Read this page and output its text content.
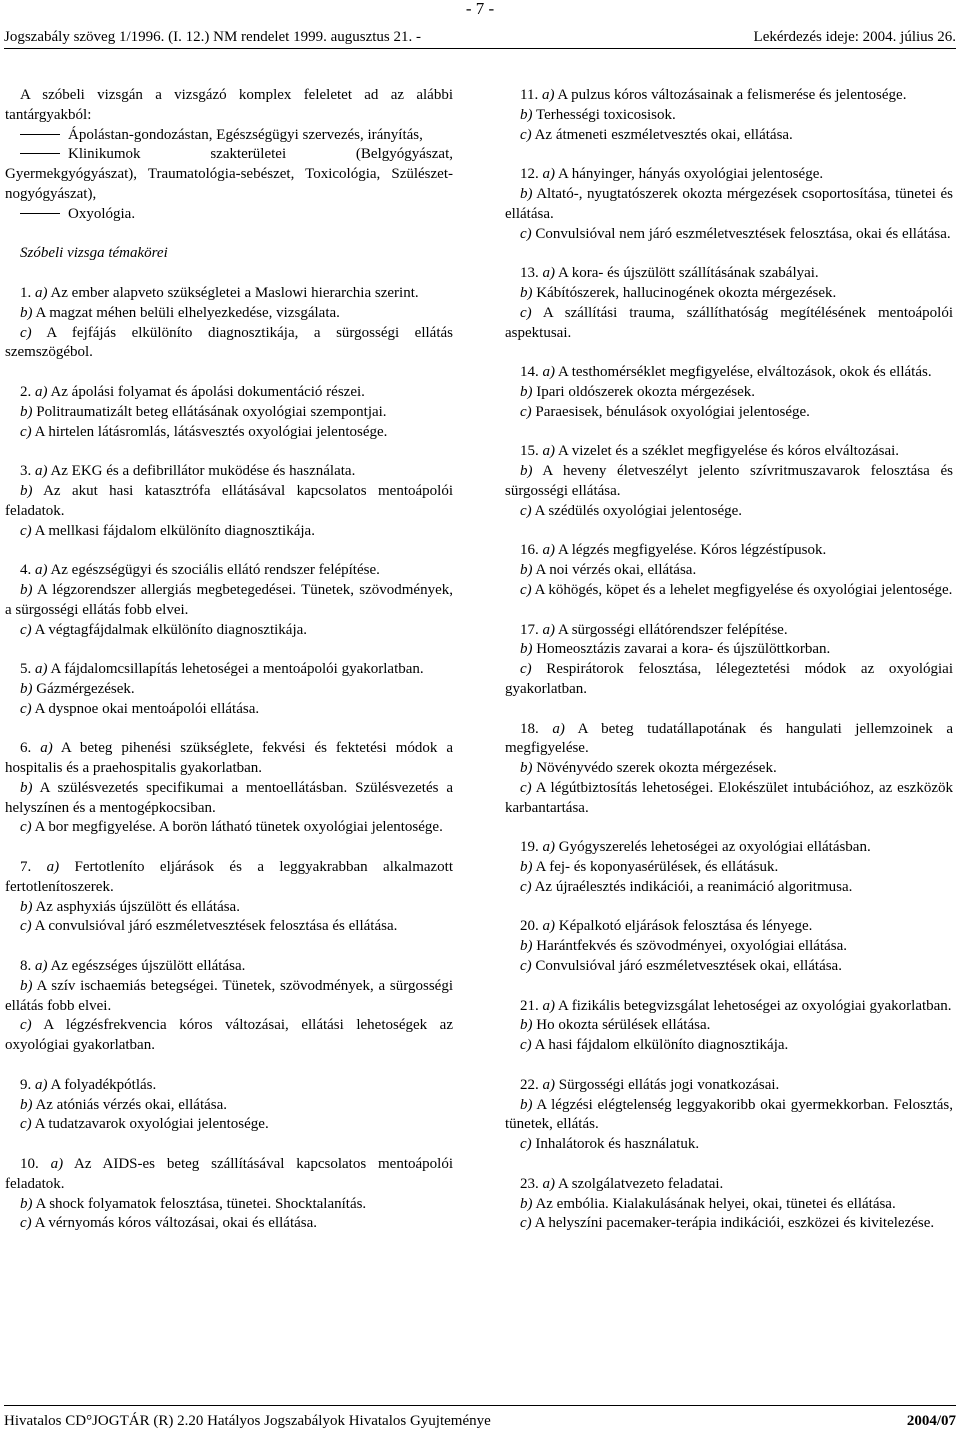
- 7 -
Jogszabály szöveg 1/1996. (I. 12.) NM rendelet 1999. augusztus 21. -	Lekérdezés ideje: 2004. július 26.

A szóbeli vizsgán a vizsgázó komplex feleletet ad az alábbi tantárgyakból:

Ápolástan-gondozástan, Egészségügyi szervezés, irányítás,

Klinikumok szakterületei (Belgyógyászat, Gyermekgyógyászat), Traumatológia-sebészet, Toxicológia, Szülészet-nogyógyászat),

Oxyológia.

Szóbeli vizsga témakörei

1. a) Az ember alapveto szükségletei a Maslowi hierarchia szerint.

b) A magzat méhen belüli elhelyezkedése, vizsgálata.

c) A fejfájás elkülöníto diagnosztikája, a sürgosségi ellátás szemszögébol.

2. a) Az ápolási folyamat és ápolási dokumentáció részei.

b) Politraumatizált beteg ellátásának oxyológiai szempontjai.

c) A hirtelen látásromlás, látásvesztés oxyológiai jelentosége.

3. a) Az EKG és a defibrillátor muködése és használata.

b) Az akut hasi katasztrófa ellátásával kapcsolatos mentoápolói feladatok.

c) A mellkasi fájdalom elkülöníto diagnosztikája.

4. a) Az egészségügyi és szociális ellátó rendszer felépítése.

b) A légzorendszer allergiás megbetegedései. Tünetek, szövodmények, a sürgosségi ellátás fobb elvei.

c) A végtagfájdalmak elkülöníto diagnosztikája.

5. a) A fájdalomcsillapítás lehetoségei a mentoápolói gyakorlatban.

b) Gázmérgezések.

c) A dyspnoe okai mentoápolói ellátása.

6. a) A beteg pihenési szükséglete, fekvési és fektetési módok a hospitalis és a praehospitalis gyakorlatban.

b) A szülésvezetés specifikumai a mentoellátásban. Szülésvezetés a helyszínen és a mentogépkocsiban.

c) A bor megfigyelése. A borön látható tünetek oxyológiai jelentosége.

7. a) Fertotleníto eljárások és a leggyakrabban alkalmazott fertotlenítoszerek.

b) Az asphyxiás újszülött és ellátása.

c) A convulsióval járó eszméletvesztések felosztása és ellátása.

8. a) Az egészséges újszülött ellátása.

b) A szív ischaemiás betegségei. Tünetek, szövodmények, a sürgosségi ellátás fobb elvei.

c) A légzésfrekvencia kóros változásai, ellátási lehetoségek az oxyológiai gyakorlatban.

9. a) A folyadékpótlás.

b) Az atóniás vérzés okai, ellátása.

c) A tudatzavarok oxyológiai jelentosége.

10. a) Az AIDS-es beteg szállításával kapcsolatos mentoápolói feladatok.

b) A shock folyamatok felosztása, tünetei. Shocktalanítás.

c) A vérnyomás kóros változásai, okai és ellátása.

11. a) A pulzus kóros változásainak a felismerése és jelentosége.

b) Terhességi toxicosisok.

c) Az átmeneti eszméletvesztés okai, ellátása.

12. a) A hányinger, hányás oxyológiai jelentosége.

b) Altató-, nyugtatószerek okozta mérgezések csoportosítása, tünetei és ellátása.

c) Convulsióval nem járó eszméletvesztések felosztása, okai és ellátása.

13. a) A kora- és újszülött szállításának szabályai.

b) Kábítószerek, hallucinogének okozta mérgezések.

c) A szállítási trauma, szállíthatóság megítélésének mentoápolói aspektusai.

14. a) A testhomérséklet megfigyelése, elváltozások, okok és ellátás.

b) Ipari oldószerek okozta mérgezések.

c) Paraesisek, bénulások oxyológiai jelentosége.

15. a) A vizelet és a széklet megfigyelése és kóros elváltozásai.

b) A heveny életveszélyt jelento szívritmuszavarok felosztása és sürgosségi ellátása.

c) A szédülés oxyológiai jelentosége.

16. a) A légzés megfigyelése. Kóros légzéstípusok.

b) A noi vérzés okai, ellátása.

c) A köhögés, köpet és a lehelet megfigyelése és oxyológiai jelentosége.

17. a) A sürgosségi ellátórendszer felépítése.

b) Homeosztázis zavarai a kora- és újszülöttkorban.

c) Respirátorok felosztása, lélegeztetési módok az oxyológiai gyakorlatban.

18. a) A beteg tudatállapotának és hangulati jellemzoinek a megfigyelése.

b) Növényvédo szerek okozta mérgezések.

c) A légútbiztosítás lehetoségei. Elokészület intubációhoz, az eszközök karbantartása.

19. a) Gyógyszerelés lehetoségei az oxyológiai ellátásban.

b) A fej- és koponyasérülések, és ellátásuk.

c) Az újraélesztés indikációi, a reanimáció algoritmusa.

20. a) Képalkotó eljárások felosztása és lényege.

b) Harántfekvés és szövodményei, oxyológiai ellátása.

c) Convulsióval járó eszméletvesztések okai, ellátása.

21. a) A fizikális betegvizsgálat lehetoségei az oxyológiai gyakorlatban.

b) Ho okozta sérülések ellátása.

c) A hasi fájdalom elkülöníto diagnosztikája.

22. a) Sürgosségi ellátás jogi vonatkozásai.

b) A légzési elégtelenség leggyakoribb okai gyermekkorban. Felosztás, tünetek, ellátás.

c) Inhalátorok és használatuk.

23. a) A szolgálatvezeto feladatai.

b) Az embólia. Kialakulásának helyei, okai, tünetei és ellátása.

c) A helyszíni pacemaker-terápia indikációi, eszközei és kivitelezése.

Hivatalos CD°JOGTÁR (R) 2.20 Hatályos Jogszabályok Hivatalos Gyujteménye	2004/07
